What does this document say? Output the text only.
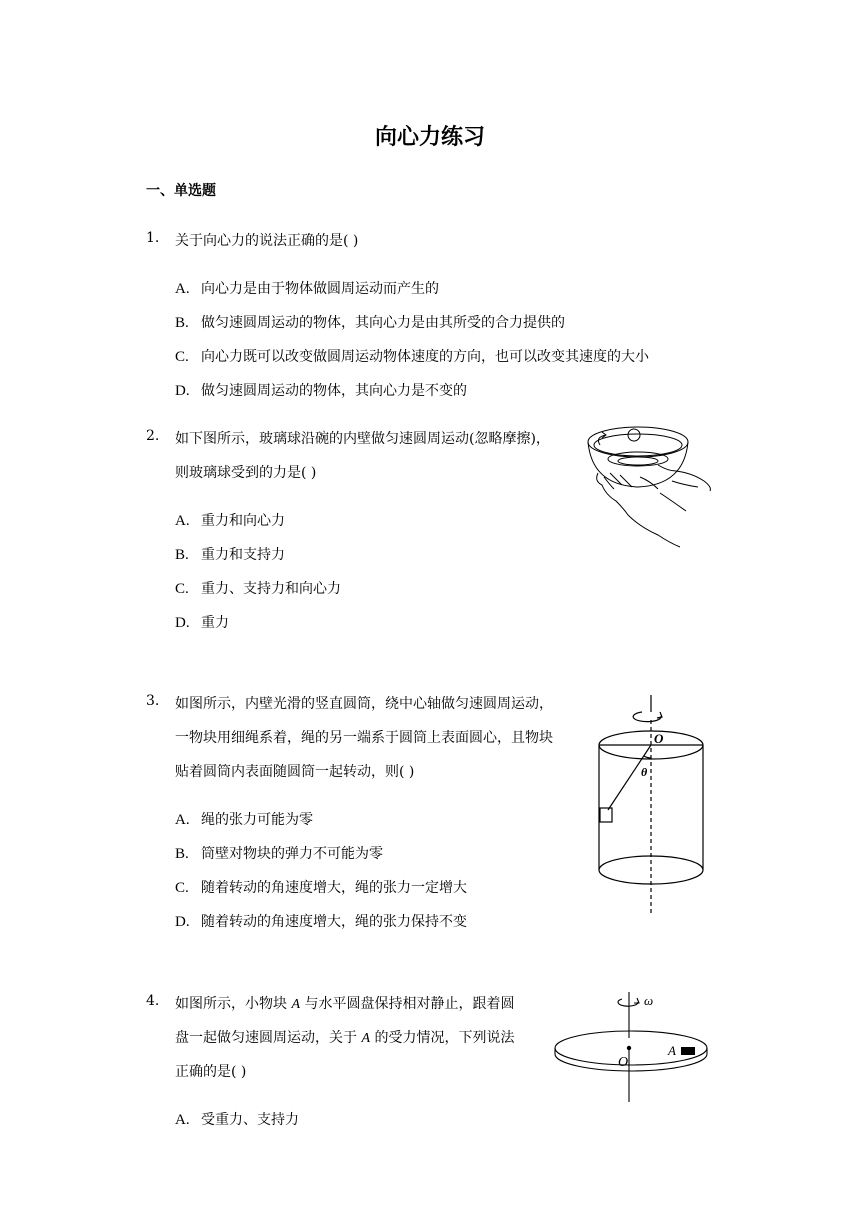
向心力练习
一、单选题
1. 关于向心力的说法正确的是( )
A. 向心力是由于物体做圆周运动而产生的
B. 做匀速圆周运动的物体，其向心力是由其所受的合力提供的
C. 向心力既可以改变做圆周运动物体速度的方向，也可以改变其速度的大小
D. 做匀速圆周运动的物体，其向心力是不变的
2. 如下图所示，玻璃球沿碗的内壁做匀速圆周运动(忽略摩擦)，
则玻璃球受到的力是( )
A. 重力和向心力
B. 重力和支持力
C. 重力、支持力和向心力
D. 重力
3. 如图所示，内壁光滑的竖直圆筒，绕中心轴做匀速圆周运动，
一物块用细绳系着，绳的另一端系于圆筒上表面圆心，且物块
贴着圆筒内表面随圆筒一起转动，则( )
A. 绳的张力可能为零
B. 筒壁对物块的弹力不可能为零
C. 随着转动的角速度增大，绳的张力一定增大
D. 随着转动的角速度增大，绳的张力保持不变
O
θ
4. 如图所示，小物块 A 与水平圆盘保持相对静止，跟着圆
盘一起做匀速圆周运动，关于 A 的受力情况，下列说法
正确的是( )
A. 受重力、支持力
ω
O
A
